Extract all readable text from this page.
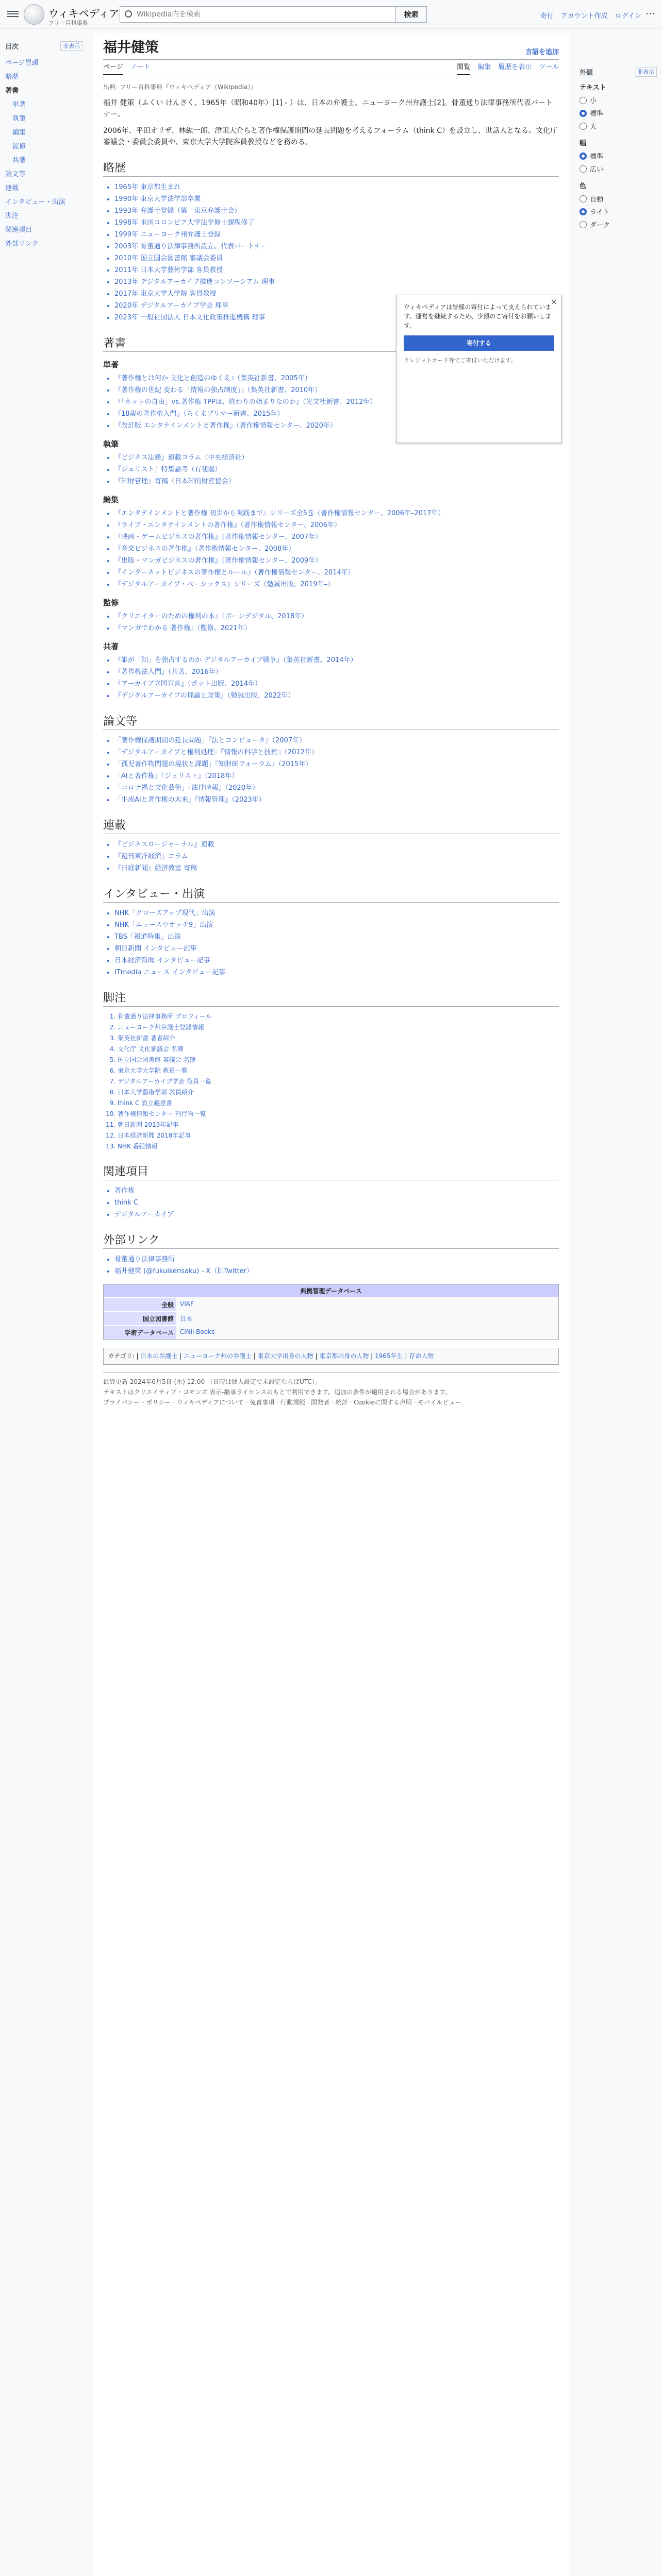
ウィキペディア
フリー百科事典
Wikipedia内を検索
検索	寄付 アカウント作成 ログイン ⋯
目次	非表示
ページ冒頭
略歴
著書
単著
執筆
編集
監修
共著
論文等
連載
インタビュー・出演
脚注
関連項目
外部リンク
福井健策	言語を追加
ページ ノート	閲覧 編集 履歴を表示 ツール
出典: フリー百科事典『ウィキペディア（Wikipedia）』

福井 健策（ふくい けんさく、1965年（昭和40年）[1] - ）は、日本の弁護士、ニューヨーク州弁護士[2]。骨董通り法律事務所代表パートナー。

2006年、平田オリザ、林紘一郎、津田大介らと著作権保護期間の延長問題を考えるフォーラム（think C）を設立し、世話人となる。文化庁審議会・委員会委員や、東京大学大学院客員教授などを務める。

略歴
• 1965年 東京都生まれ
• 1990年 東京大学法学部卒業
• 1993年 弁護士登録（第一東京弁護士会）
• 1998年 米国コロンビア大学法学修士課程修了
• 1999年 ニューヨーク州弁護士登録
• 2003年 骨董通り法律事務所設立、代表パートナー
• 2010年 国立国会図書館 審議会委員
• 2011年 日本大学藝術学部 客員教授
• 2013年 デジタルアーカイブ推進コンソーシアム 理事
• 2017年 東京大学大学院 客員教授
• 2020年 デジタルアーカイブ学会 理事
• 2023年 一般社団法人 日本文化政策推進機構 理事
著書
単著
• 『著作権とは何か 文化と創造のゆくえ』（集英社新書、2005年）
• 『著作権の世紀 変わる「情報の独占制度」』（集英社新書、2010年）
• 『「ネットの自由」vs.著作権 TPPは、終わりの始まりなのか』（光文社新書、2012年）
• 『18歳の著作権入門』（ちくまプリマー新書、2015年）
• 『改訂版 エンタテインメントと著作権』（著作権情報センター、2020年）
執筆
• 『ビジネス法務』連載コラム（中央経済社）
• 『ジュリスト』特集論考（有斐閣）
• 『知財管理』寄稿（日本知的財産協会）
編集
• 『エンタテインメントと著作権 初歩から実践まで』シリーズ全5巻（著作権情報センター、2006年–2017年）
• 『ライブ・エンタテインメントの著作権』（著作権情報センター、2006年）
• 『映画・ゲームビジネスの著作権』（著作権情報センター、2007年）
• 『音楽ビジネスの著作権』（著作権情報センター、2008年）
• 『出版・マンガビジネスの著作権』（著作権情報センター、2009年）
• 『インターネットビジネスの著作権とルール』（著作権情報センター、2014年）
• 『デジタルアーカイブ・ベーシックス』シリーズ（勉誠出版、2019年–）
監修
• 『クリエイターのための権利の本』（ボーンデジタル、2018年）
• 『マンガでわかる 著作権』（監修、2021年）
共著
• 『誰が「知」を独占するのか デジタルアーカイブ戦争』（集英社新書、2014年）
• 『著作権法入門』（共著、2016年）
• 『アーカイブ立国宣言』（ポット出版、2014年）
• 『デジタルアーカイブの理論と政策』（勉誠出版、2022年）
論文等
• 「著作権保護期間の延長問題」『法とコンピュータ』（2007年）
• 「デジタルアーカイブと権利処理」『情報の科学と技術』（2012年）
• 「孤児著作物問題の現状と課題」『知財研フォーラム』（2015年）
• 「AIと著作権」『ジュリスト』（2018年）
• 「コロナ禍と文化芸術」『法律時報』（2020年）
• 「生成AIと著作権の未来」『情報管理』（2023年）
連載
• 『ビジネスロージャーナル』連載
• 『週刊東洋経済』コラム
• 『日経新聞』経済教室 寄稿
インタビュー・出演
• NHK「クローズアップ現代」出演
• NHK「ニュースウオッチ9」出演
• TBS「報道特集」出演
• 朝日新聞 インタビュー記事
• 日本経済新聞 インタビュー記事
• ITmedia ニュース インタビュー記事
脚注
1. 骨董通り法律事務所 プロフィール
2. ニューヨーク州弁護士登録情報
3. 集英社新書 著者紹介
4. 文化庁 文化審議会 名簿
5. 国立国会図書館 審議会 名簿
6. 東京大学大学院 教員一覧
7. デジタルアーカイブ学会 役員一覧
8. 日本大学藝術学部 教員紹介
9. think C 設立趣意書
10. 著作権情報センター 刊行物一覧
11. 朝日新聞 2013年記事
12. 日本経済新聞 2018年記事
13. NHK 番組情報
関連項目
• 著作権
• think C
• デジタルアーカイブ
外部リンク
• 骨董通り法律事務所
• 福井健策 (@fukuikensaku) - X（旧Twitter）
典拠管理データベース
全般	VIAF
国立図書館	日本
学術データベース	CiNii Books
カテゴリ: | 日本の弁護士 | ニューヨーク州の弁護士 | 東京大学出身の人物 | 東京都出身の人物 | 1965年生 | 存命人物
最終更新 2024年6月5日 (水) 12:00 （日時は個人設定で未設定ならばUTC）。
テキストはクリエイティブ・コモンズ 表示-継承ライセンスのもとで利用できます。追加の条件が適用される場合があります。
プライバシー・ポリシー · ウィキペディアについて · 免責事項 · 行動規範 · 開発者 · 統計 · Cookieに関する声明 · モバイルビュー
×
ウィキペディアは皆様の寄付によって支えられています。運営を継続するため、少額のご寄付をお願いします。
寄付する
クレジットカード等でご寄付いただけます。
外観	非表示
テキスト
小
標準
大
幅
標準
広い
色
自動
ライト
ダーク
